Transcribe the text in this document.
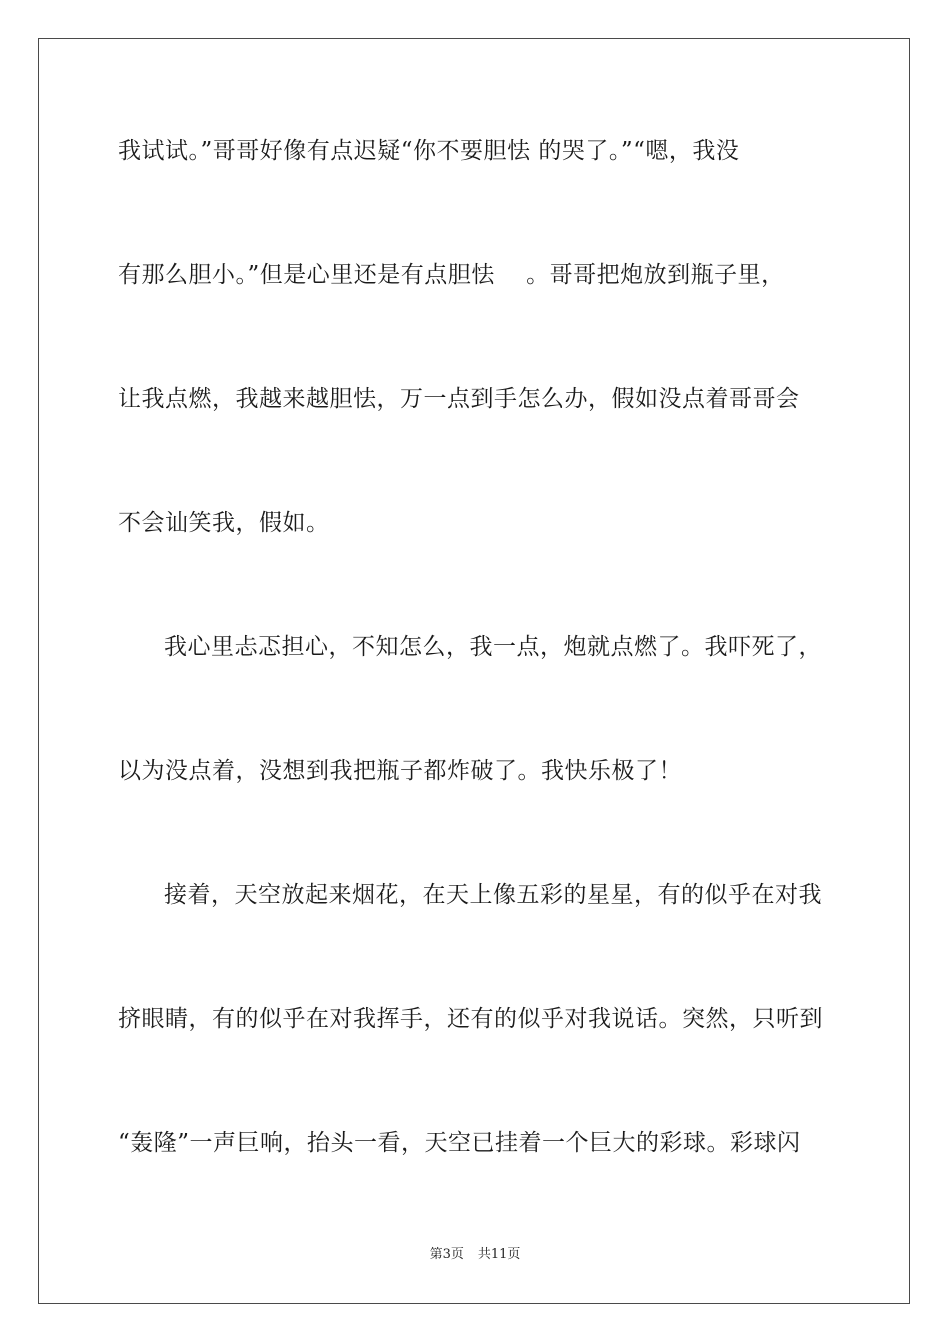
我试试。”哥哥好像有点迟疑“你不要胆怯 的哭了。”“嗯，我没
有那么胆小。”但是心里还是有点胆怯　 。哥哥把炮放到瓶子里，
让我点燃，我越来越胆怯，万一点到手怎么办，假如没点着哥哥会
不会讪笑我，假如。
我心里忐忑担心，不知怎么，我一点，炮就点燃了。我吓死了，
以为没点着，没想到我把瓶子都炸破了。我快乐极了！
接着，天空放起来烟花，在天上像五彩的星星，有的似乎在对我
挤眼睛，有的似乎在对我挥手，还有的似乎对我说话。突然，只听到
“轰隆”一声巨响，抬头一看，天空已挂着一个巨大的彩球。彩球闪
第3页 共11页
